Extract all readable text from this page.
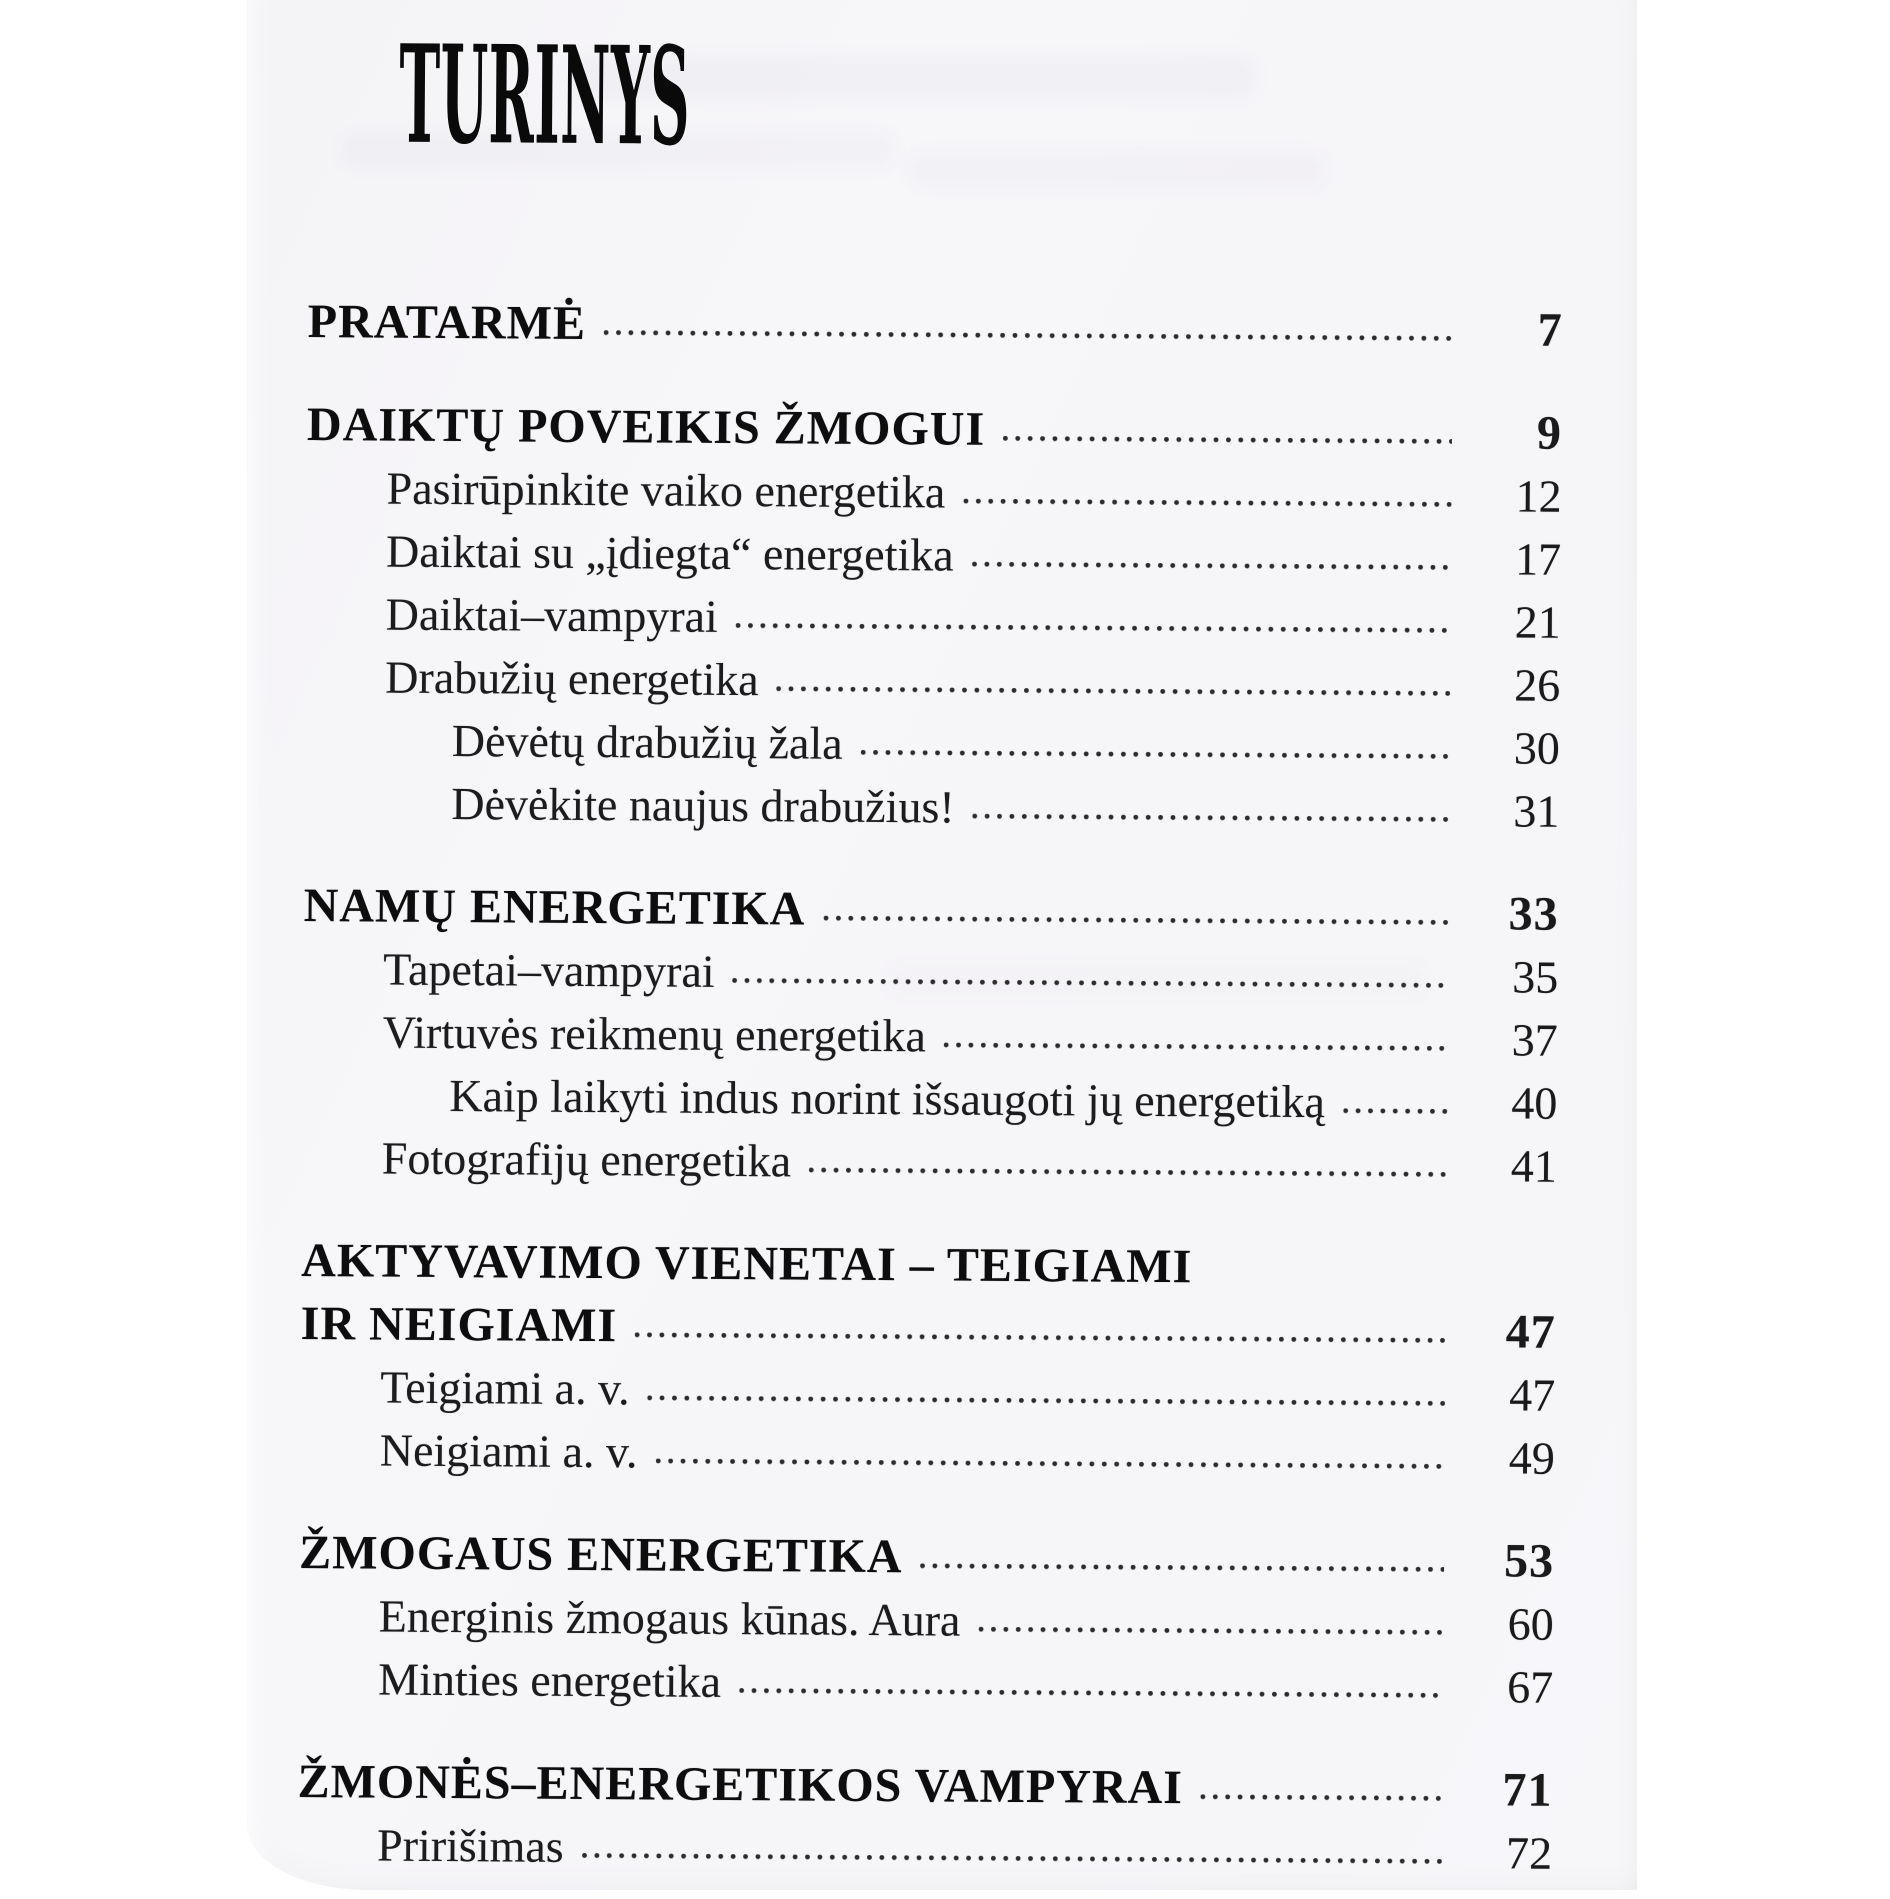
TURINYS
PRATARMĖ	7
DAIKTŲ POVEIKIS ŽMOGUI	9
Pasirūpinkite vaiko energetika	12
Daiktai su „įdiegta“ energetika	17
Daiktai–vampyrai	21
Drabužių energetika	26
Dėvėtų drabužių žala	30
Dėvėkite naujus drabužius!	31
NAMŲ ENERGETIKA	33
Tapetai–vampyrai	35
Virtuvės reikmenų energetika	37
Kaip laikyti indus norint išsaugoti jų energetiką	40
Fotografijų energetika	41
AKTYVAVIMO VIENETAI – TEIGIAMI
IR NEIGIAMI	47
Teigiami a. v.	47
Neigiami a. v.	49
ŽMOGAUS ENERGETIKA	53
Energinis žmogaus kūnas. Aura	60
Minties energetika	67
ŽMONĖS–ENERGETIKOS VAMPYRAI	71
Pririšimas	72
